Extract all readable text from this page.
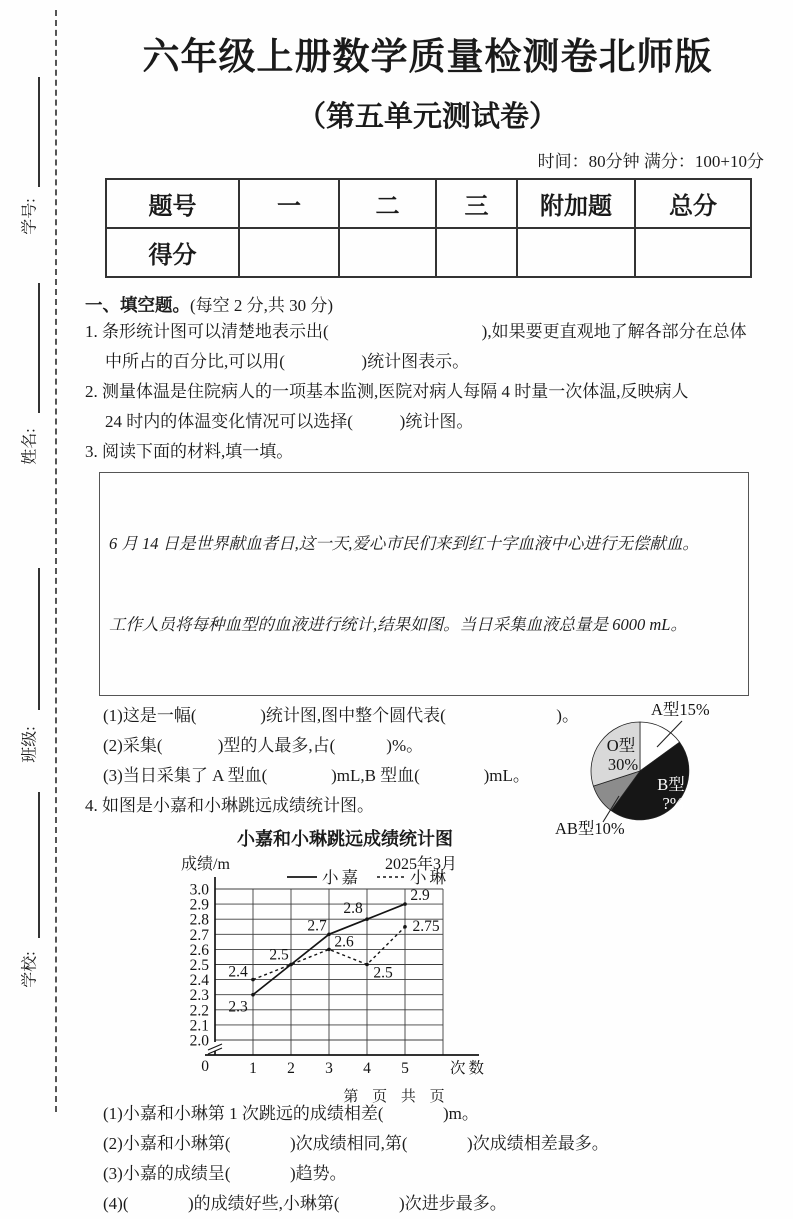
学号:
姓名:
班级:
学校:
六年级上册数学质量检测卷北师版
（第五单元测试卷）
时间：80分钟 满分：100+10分
题号	一	二	三	附加题	总分
得分					
一、填空题。(每空 2 分,共 30 分)
1. 条形统计图可以清楚地表示出(                                    ),如果要更直观地了解各部分在总体
中所占的百分比,可以用(                  )统计图表示。
2. 测量体温是住院病人的一项基本监测,医院对病人每隔 4 时量一次体温,反映病人
24 时内的体温变化情况可以选择(           )统计图。
3. 阅读下面的材料,填一填。

6 月 14 日是世界献血者日,这一天,爱心市民们来到红十字血液中心进行无偿献血。

工作人员将每种血型的血液进行统计,结果如图。当日采集血液总量是 6000 mL。

(1)这是一幅(               )统计图,图中整个圆代表(                          )。
(2)采集(             )型的人最多,占(            )%。
(3)当日采集了 A 型血(               )mL,B 型血(               )mL。
4. 如图是小嘉和小琳跳远成绩统计图。
A型15%
AB型10%
O型
30%
B型
?%
小嘉和小琳跳远成绩统计图
成绩/m	2025年3月
小嘉	小琳
3.0
2.9
2.8
2.7
2.6
2.5
2.4
2.3
2.2
2.1
2.0
0	1 2 3 4 5
2.3
2.5
2.7
2.8
2.9
2.4
2.6
2.5
2.75
次数
(1)小嘉和小琳第 1 次跳远的成绩相差(              )m。
(2)小嘉和小琳第(              )次成绩相同,第(              )次成绩相差最多。
(3)小嘉的成绩呈(              )趋势。
(4)(              )的成绩好些,小琳第(              )次进步最多。
第 页 共 页
